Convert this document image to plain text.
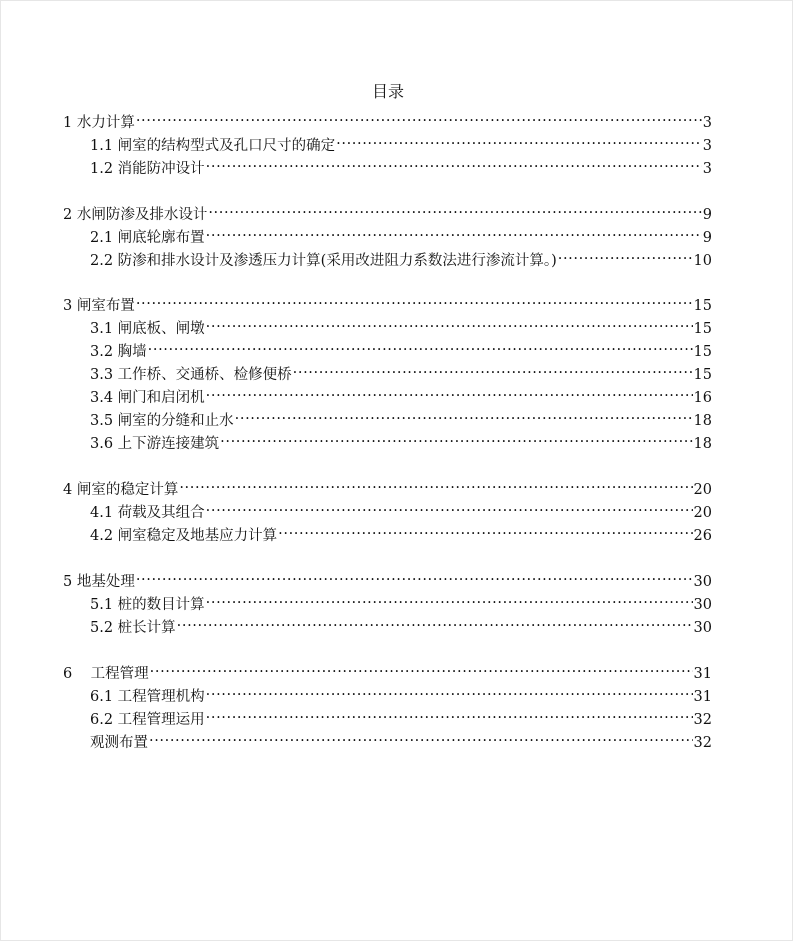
目录
1 水力计算 .....	3
1.1 闸室的结构型式及孔口尺寸的确定 .....	3
1.2 消能防冲设计 .....	3
2 水闸防渗及排水设计 .....	9
2.1 闸底轮廓布置 .....	9
2.2 防渗和排水设计及渗透压力计算(采用改进阻力系数法进行渗流计算。) .....	10
3 闸室布置 .....	15
3.1 闸底板、闸墩 .....	15
3.2 胸墙 .....	15
3.3 工作桥、交通桥、检修便桥 .....	15
3.4 闸门和启闭机 .....	16
3.5 闸室的分缝和止水 .....	18
3.6 上下游连接建筑 .....	18
4 闸室的稳定计算 .....	20
4.1 荷载及其组合 .....	20
4.2 闸室稳定及地基应力计算 .....	26
5 地基处理 .....	30
5.1 桩的数目计算 .....	30
5.2 桩长计算 .....	30
6    工程管理 .....	31
6.1 工程管理机构 .....	31
6.2 工程管理运用 .....	32
观测布置 .....	32
